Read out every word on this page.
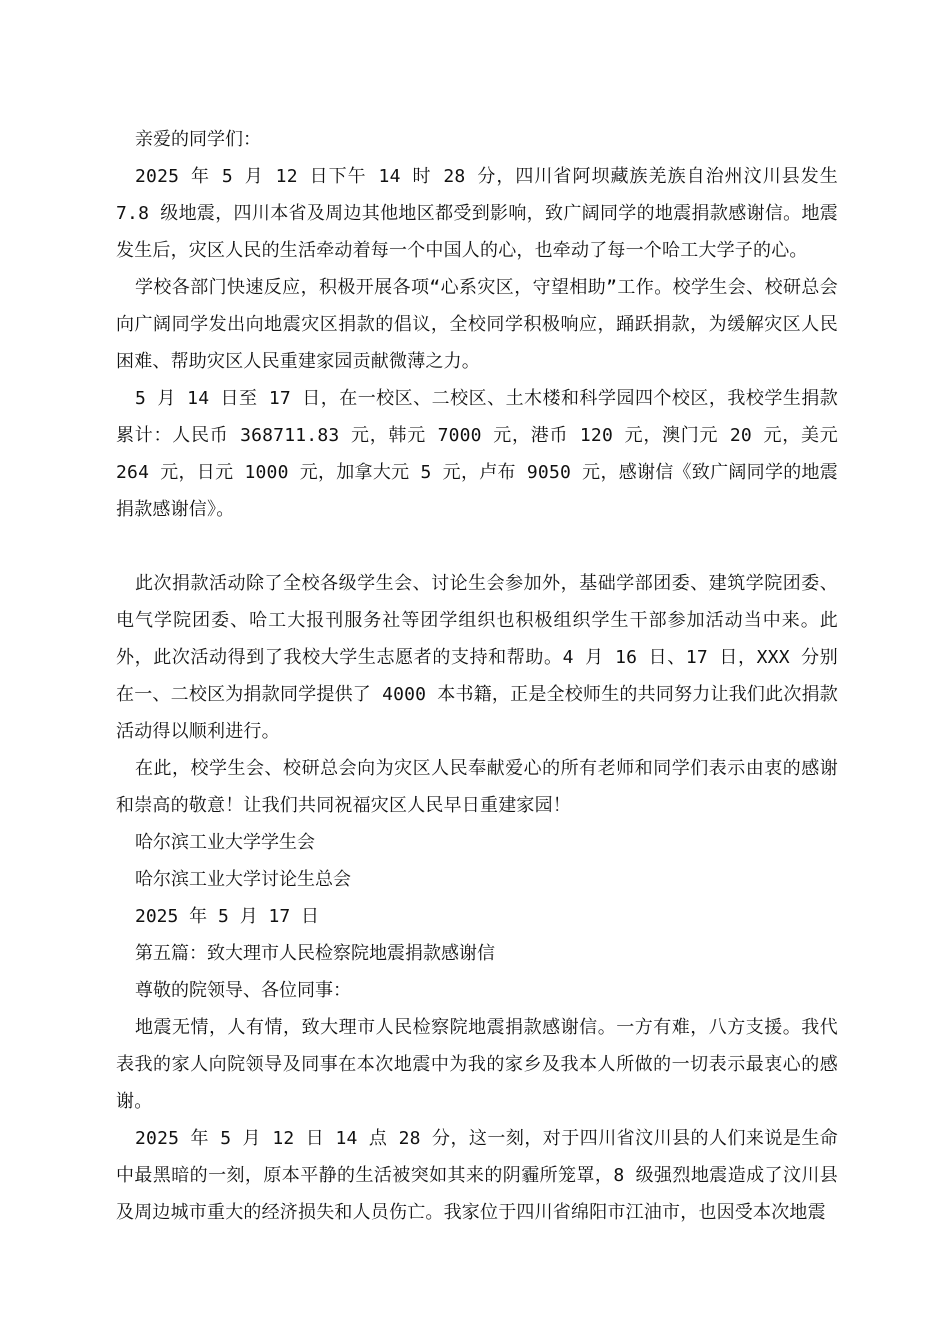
亲爱的同学们：

2025 年 5 月 12 日下午 14 时 28 分，四川省阿坝藏族羌族自治州汶川县发生 7.8 级地震，四川本省及周边其他地区都受到影响，致广阔同学的地震捐款感谢信。地震发生后，灾区人民的生活牵动着每一个中国人的心，也牵动了每一个哈工大学子的心。

学校各部门快速反应，积极开展各项“心系灾区，守望相助”工作。校学生会、校研总会向广阔同学发出向地震灾区捐款的倡议，全校同学积极响应，踊跃捐款，为缓解灾区人民困难、帮助灾区人民重建家园贡献微薄之力。

5 月 14 日至 17 日，在一校区、二校区、土木楼和科学园四个校区，我校学生捐款累计：人民币 368711.83 元，韩元 7000 元，港币 120 元，澳门元 20 元，美元 264 元，日元 1000 元，加拿大元 5 元，卢布 9050 元，感谢信《致广阔同学的地震捐款感谢信》。

此次捐款活动除了全校各级学生会、讨论生会参加外，基础学部团委、建筑学院团委、电气学院团委、哈工大报刊服务社等团学组织也积极组织学生干部参加活动当中来。此外，此次活动得到了我校大学生志愿者的支持和帮助。4 月 16 日、17 日，XXX 分别在一、二校区为捐款同学提供了 4000 本书籍，正是全校师生的共同努力让我们此次捐款活动得以顺利进行。

在此，校学生会、校研总会向为灾区人民奉献爱心的所有老师和同学们表示由衷的感谢和崇高的敬意！让我们共同祝福灾区人民早日重建家园！

哈尔滨工业大学学生会

哈尔滨工业大学讨论生总会

2025 年 5 月 17 日

第五篇：致大理市人民检察院地震捐款感谢信

尊敬的院领导、各位同事：

地震无情，人有情，致大理市人民检察院地震捐款感谢信。一方有难，八方支援。我代表我的家人向院领导及同事在本次地震中为我的家乡及我本人所做的一切表示最衷心的感谢。

2025 年 5 月 12 日 14 点 28 分，这一刻，对于四川省汶川县的人们来说是生命中最黑暗的一刻，原本平静的生活被突如其来的阴霾所笼罩，8 级强烈地震造成了汶川县及周边城市重大的经济损失和人员伤亡。我家位于四川省绵阳市江油市，也因受本次地震
